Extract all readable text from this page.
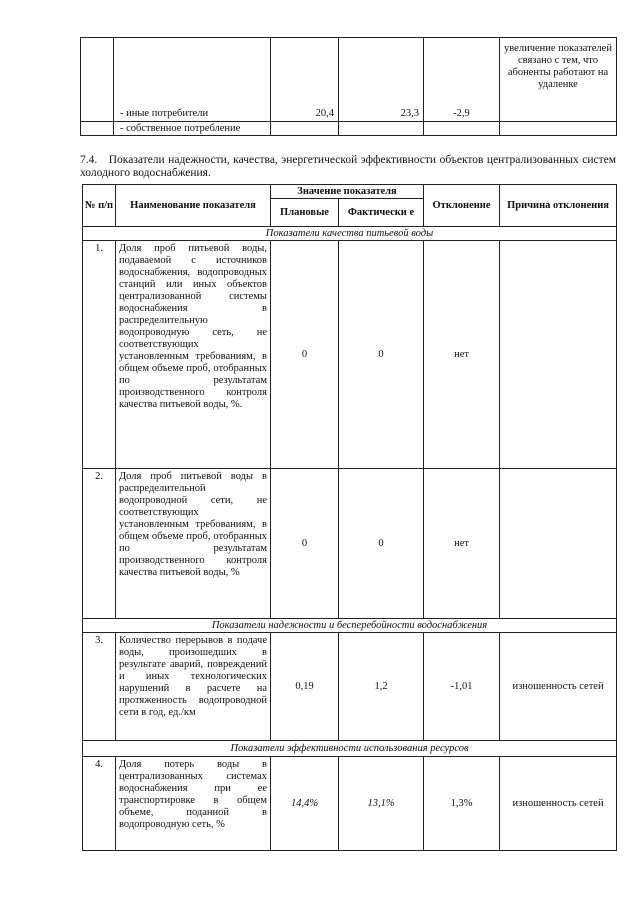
	- иные потребители	20,4	23,3	-2,9	увеличение показателей связано с тем, что абоненты работают на удаленке
	- собственное потребление				
7.4. Показатели надежности, качества, энергетической эффективности объектов централизованных систем холодного водоснабжения.
№ п/п	Наименование показателя	Значение показателя		Отклонение	Причина отклонения
		Плановые	Фактически е		
Показатели качества питьевой воды					
1.	Доля проб питьевой воды, подаваемой с источников водоснабжения, водопроводных станций или иных объектов централизованной системы водоснабжения в распределительную водопроводную сеть, не соответствующих установленным требованиям, в общем объеме проб, отобранных по результатам производственного контроля качества питьевой воды, %.	0	0	нет	
2.	Доля проб питьевой воды в распределительной водопроводной сети, не соответствующих установленным требованиям, в общем объеме проб, отобранных по результатам производственного контроля качества питьевой воды, %	0	0	нет	
Показатели надежности и бесперебойности водоснабжения					
3.	Количество перерывов в подаче воды, произошедших в результате аварий, повреждений и иных технологических нарушений в расчете на протяженность водопроводной сети в год, ед./км	0,19	1,2	-1,01	изношенность сетей
Показатели эффективности использования ресурсов					
4.	Доля потерь воды в централизованных системах водоснабжения при ее транспортировке в общем объеме, поданной в водопроводную сеть, %	14,4%	13,1%	1,3%	изношенность сетей
